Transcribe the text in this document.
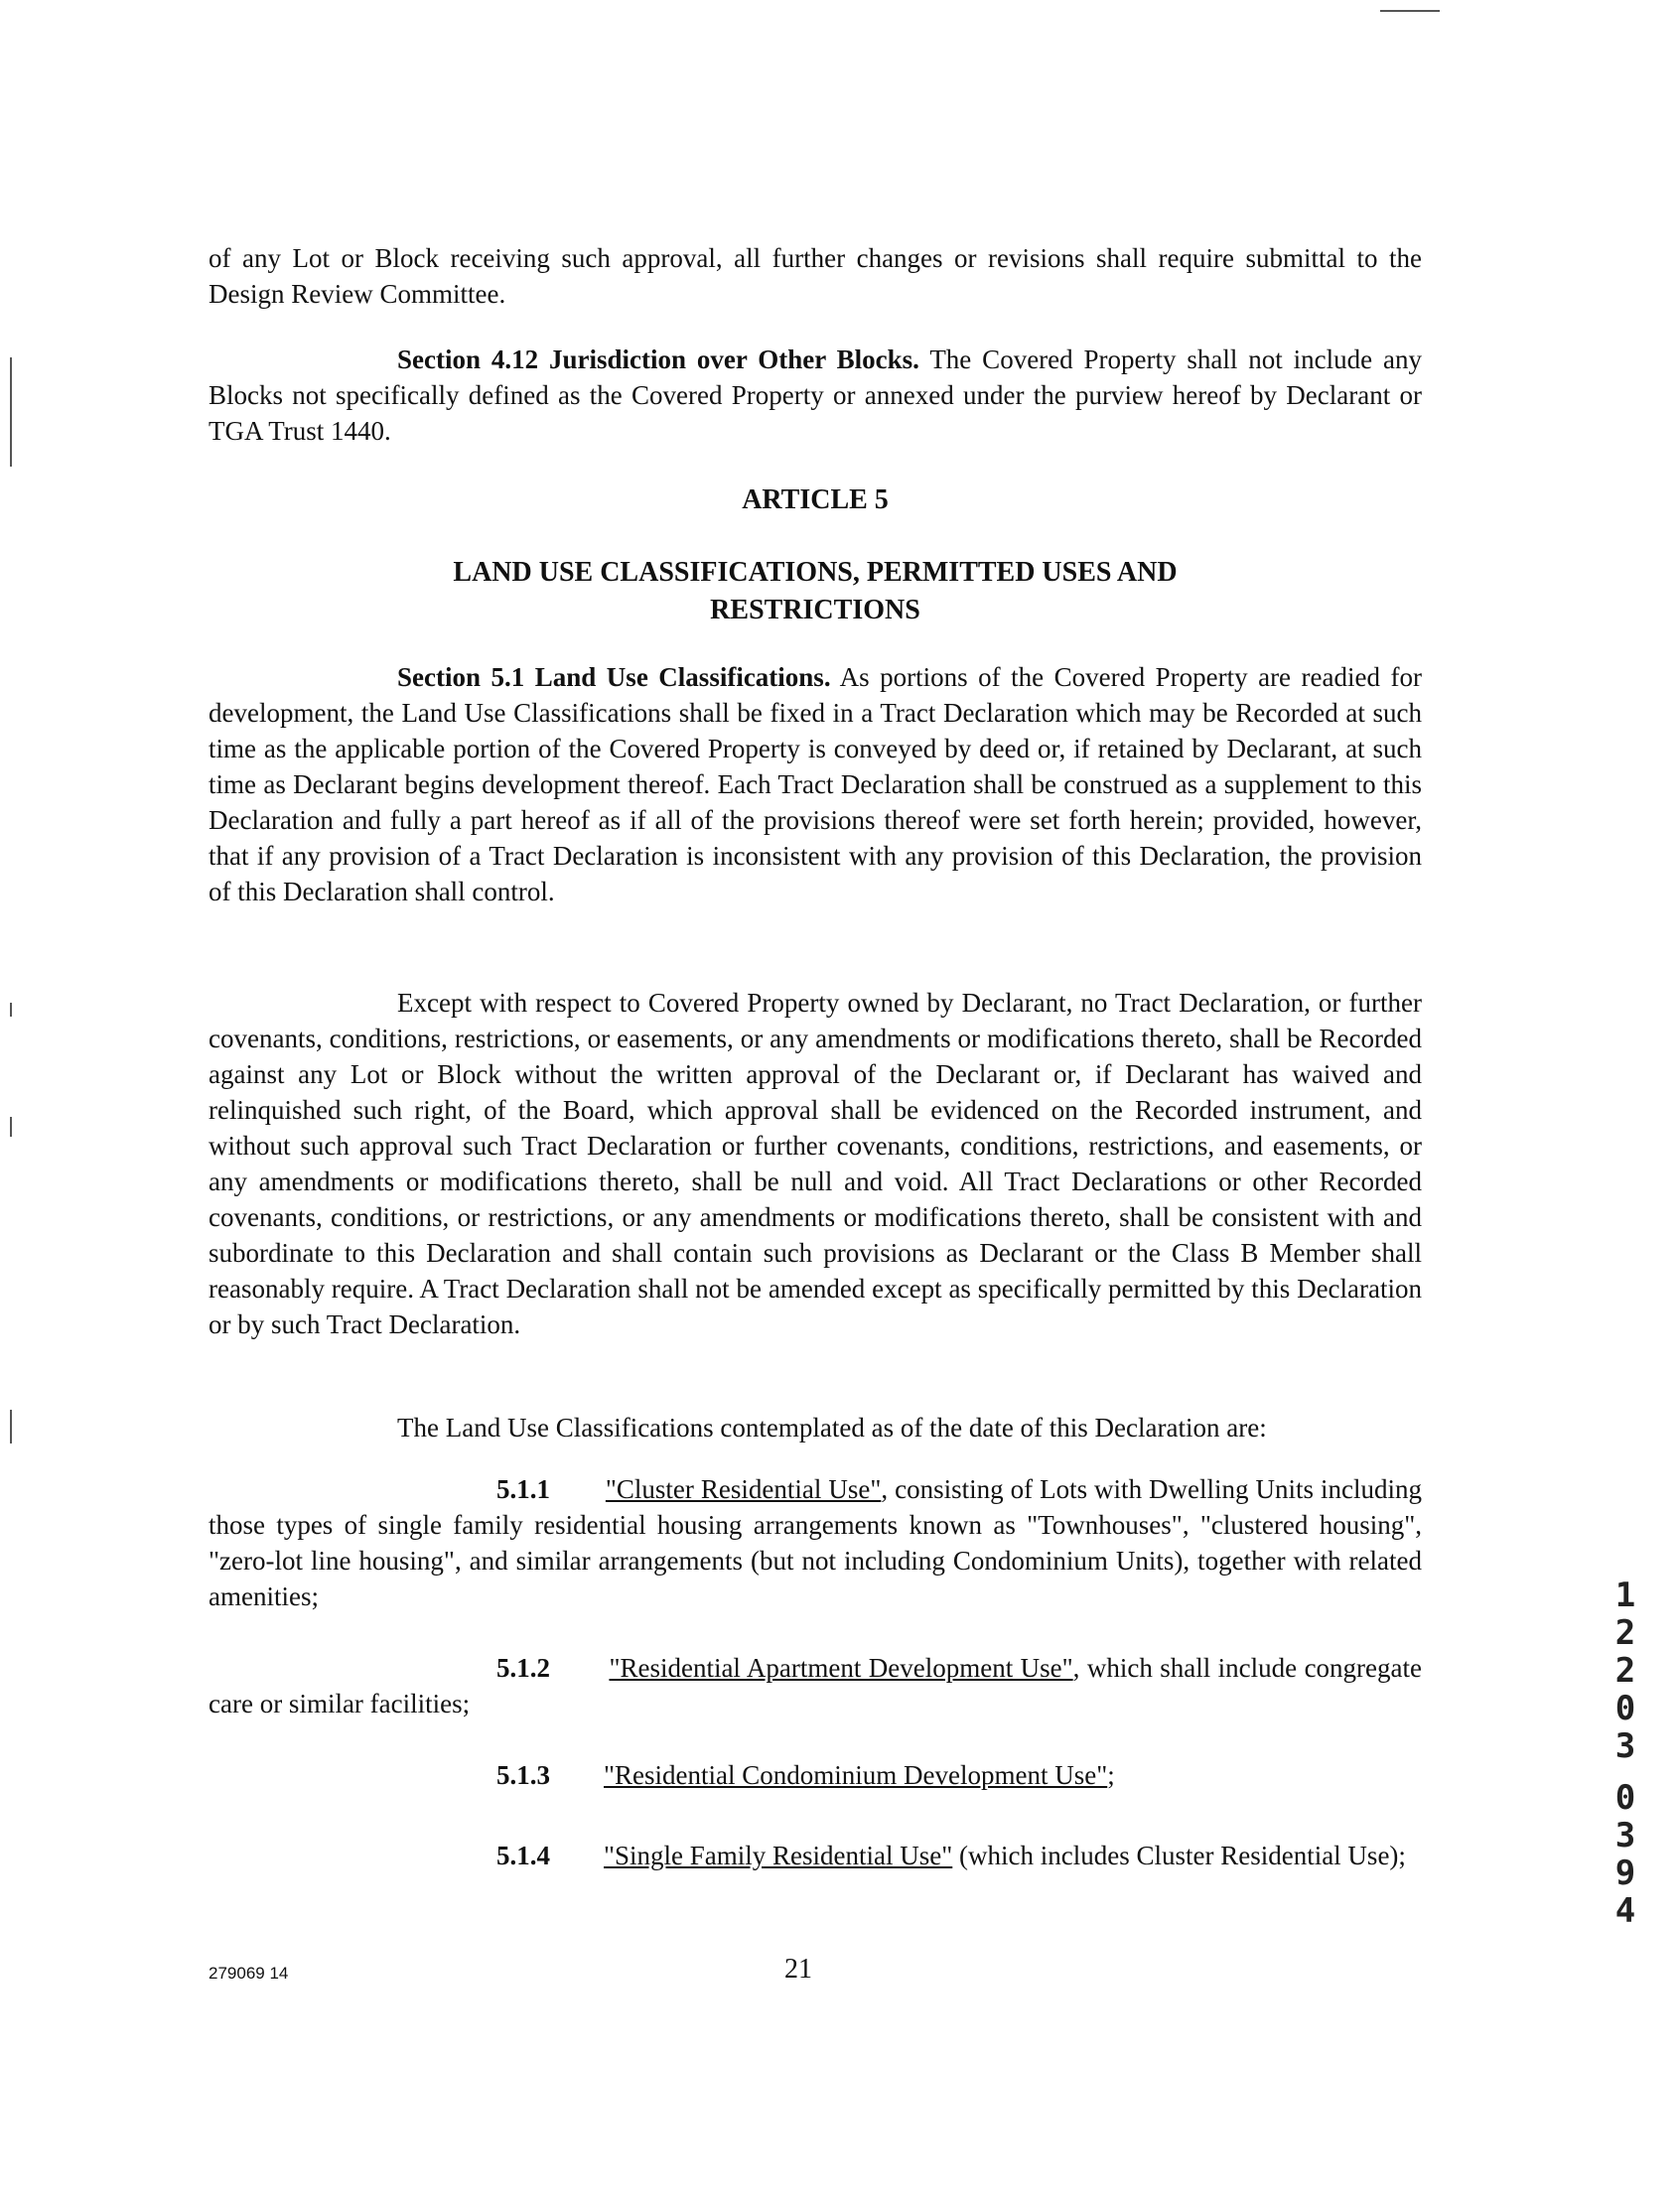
of any Lot or Block receiving such approval, all further changes or revisions shall require submittal to the Design Review Committee.

Section 4.12 Jurisdiction over Other Blocks. The Covered Property shall not include any Blocks not specifically defined as the Covered Property or annexed under the purview hereof by Declarant or TGA Trust 1440.

ARTICLE 5

LAND USE CLASSIFICATIONS, PERMITTED USES AND

RESTRICTIONS

Section 5.1 Land Use Classifications. As portions of the Covered Property are readied for development, the Land Use Classifications shall be fixed in a Tract Declaration which may be Recorded at such time as the applicable portion of the Covered Property is conveyed by deed or, if retained by Declarant, at such time as Declarant begins development thereof. Each Tract Declaration shall be construed as a supplement to this Declaration and fully a part hereof as if all of the provisions thereof were set forth herein; provided, however, that if any provision of a Tract Declaration is inconsistent with any provision of this Declaration, the provision of this Declaration shall control.

Except with respect to Covered Property owned by Declarant, no Tract Declaration, or further covenants, conditions, restrictions, or easements, or any amendments or modifications thereto, shall be Recorded against any Lot or Block without the written approval of the Declarant or, if Declarant has waived and relinquished such right, of the Board, which approval shall be evidenced on the Recorded instrument, and without such approval such Tract Declaration or further covenants, conditions, restrictions, and easements, or any amendments or modifications thereto, shall be null and void. All Tract Declarations or other Recorded covenants, conditions, or restrictions, or any amendments or modifications thereto, shall be consistent with and subordinate to this Declaration and shall contain such provisions as Declarant or the Class B Member shall reasonably require. A Tract Declaration shall not be amended except as specifically permitted by this Declaration or by such Tract Declaration.

The Land Use Classifications contemplated as of the date of this Declaration are:

5.1.1 "Cluster Residential Use", consisting of Lots with Dwelling Units including those types of single family residential housing arrangements known as "Townhouses", "clustered housing", "zero-lot line housing", and similar arrangements (but not including Condominium Units), together with related amenities;

5.1.2 "Residential Apartment Development Use", which shall include congregate care or similar facilities;

5.1.3 "Residential Condominium Development Use";

5.1.4 "Single Family Residential Use" (which includes Cluster Residential Use);

1
2
2
0
3
0
3
9
4
279069 14	21
